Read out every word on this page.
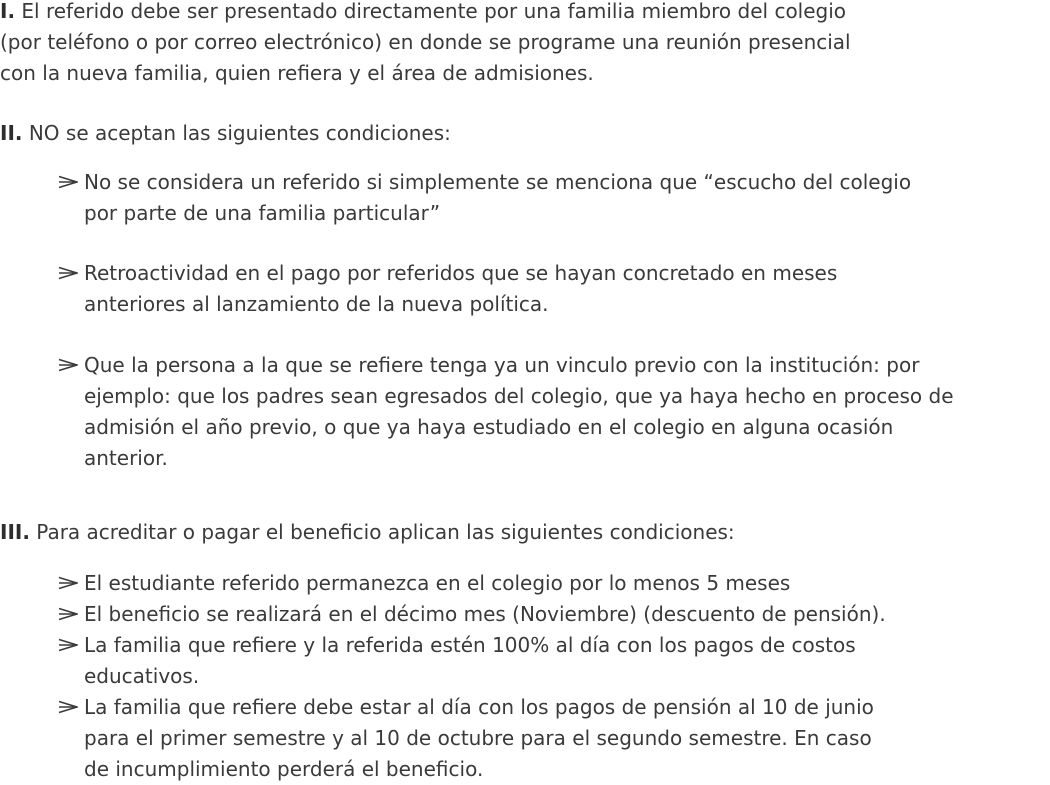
I. El referido debe ser presentado directamente por una familia miembro del colegio
(por teléfono o por correo electrónico) en donde se programe una reunión presencial
con la nueva familia, quien refiera y el área de admisiones.
II. NO se aceptan las siguientes condiciones:
No se considera un referido si simplemente se menciona que “escucho del colegio
por parte de una familia particular”
Retroactividad en el pago por referidos que se hayan concretado en meses
anteriores al lanzamiento de la nueva política.
Que la persona a la que se refiere tenga ya un vinculo previo con la institución: por
ejemplo: que los padres sean egresados del colegio, que ya haya hecho en proceso de
admisión el año previo, o que ya haya estudiado en el colegio en alguna ocasión
anterior.
III. Para acreditar o pagar el beneficio aplican las siguientes condiciones:
El estudiante referido permanezca en el colegio por lo menos 5 meses
El beneficio se realizará en el décimo mes (Noviembre) (descuento de pensión).
La familia que refiere y la referida estén 100% al día con los pagos de costos
educativos.
La familia que refiere debe estar al día con los pagos de pensión al 10 de junio
para el primer semestre y al 10 de octubre para el segundo semestre. En caso
de incumplimiento perderá el beneficio.
